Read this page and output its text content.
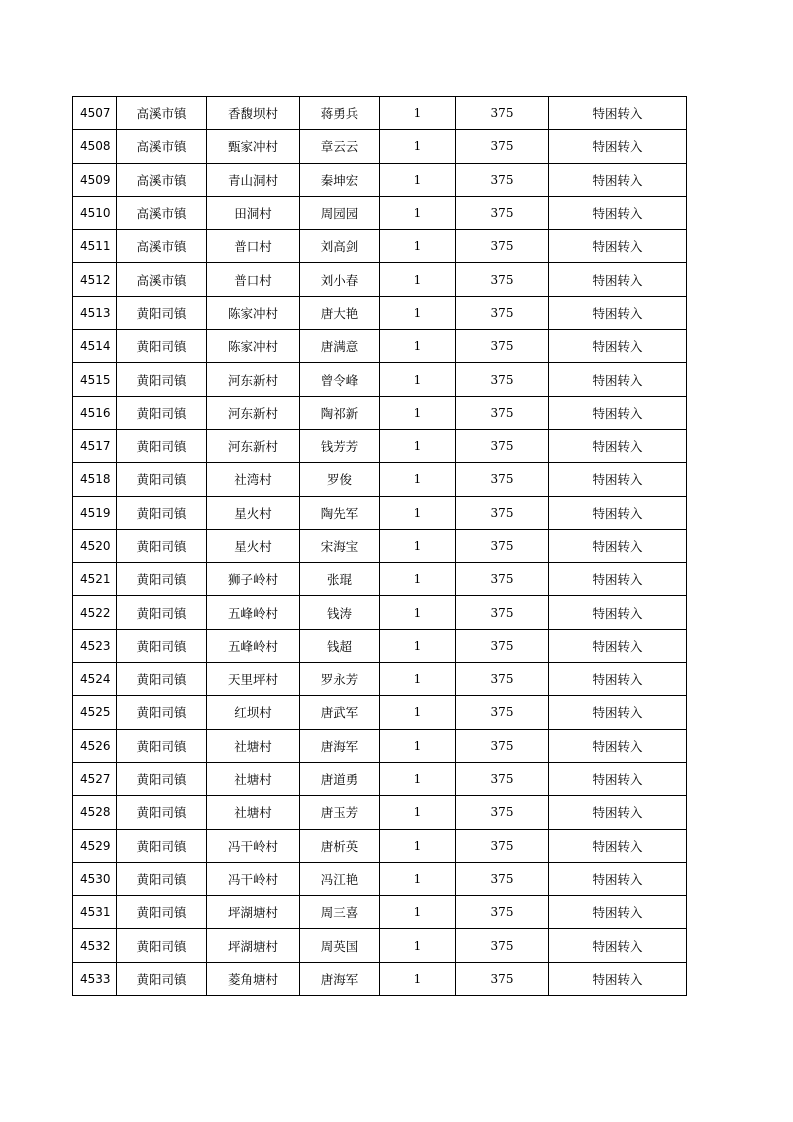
4507	高溪市镇	香馥坝村	蒋勇兵	1	375	特困转入
4508	高溪市镇	甄家冲村	章云云	1	375	特困转入
4509	高溪市镇	青山洞村	秦坤宏	1	375	特困转入
4510	高溪市镇	田洞村	周园园	1	375	特困转入
4511	高溪市镇	普口村	刘高剑	1	375	特困转入
4512	高溪市镇	普口村	刘小春	1	375	特困转入
4513	黄阳司镇	陈家冲村	唐大艳	1	375	特困转入
4514	黄阳司镇	陈家冲村	唐满意	1	375	特困转入
4515	黄阳司镇	河东新村	曾令峰	1	375	特困转入
4516	黄阳司镇	河东新村	陶祁新	1	375	特困转入
4517	黄阳司镇	河东新村	钱芳芳	1	375	特困转入
4518	黄阳司镇	社湾村	罗俊	1	375	特困转入
4519	黄阳司镇	星火村	陶先军	1	375	特困转入
4520	黄阳司镇	星火村	宋海宝	1	375	特困转入
4521	黄阳司镇	狮子岭村	张琨	1	375	特困转入
4522	黄阳司镇	五峰岭村	钱涛	1	375	特困转入
4523	黄阳司镇	五峰岭村	钱超	1	375	特困转入
4524	黄阳司镇	天里坪村	罗永芳	1	375	特困转入
4525	黄阳司镇	红坝村	唐武军	1	375	特困转入
4526	黄阳司镇	社塘村	唐海军	1	375	特困转入
4527	黄阳司镇	社塘村	唐道勇	1	375	特困转入
4528	黄阳司镇	社塘村	唐玉芳	1	375	特困转入
4529	黄阳司镇	冯干岭村	唐析英	1	375	特困转入
4530	黄阳司镇	冯干岭村	冯江艳	1	375	特困转入
4531	黄阳司镇	坪湖塘村	周三喜	1	375	特困转入
4532	黄阳司镇	坪湖塘村	周英国	1	375	特困转入
4533	黄阳司镇	菱角塘村	唐海军	1	375	特困转入
